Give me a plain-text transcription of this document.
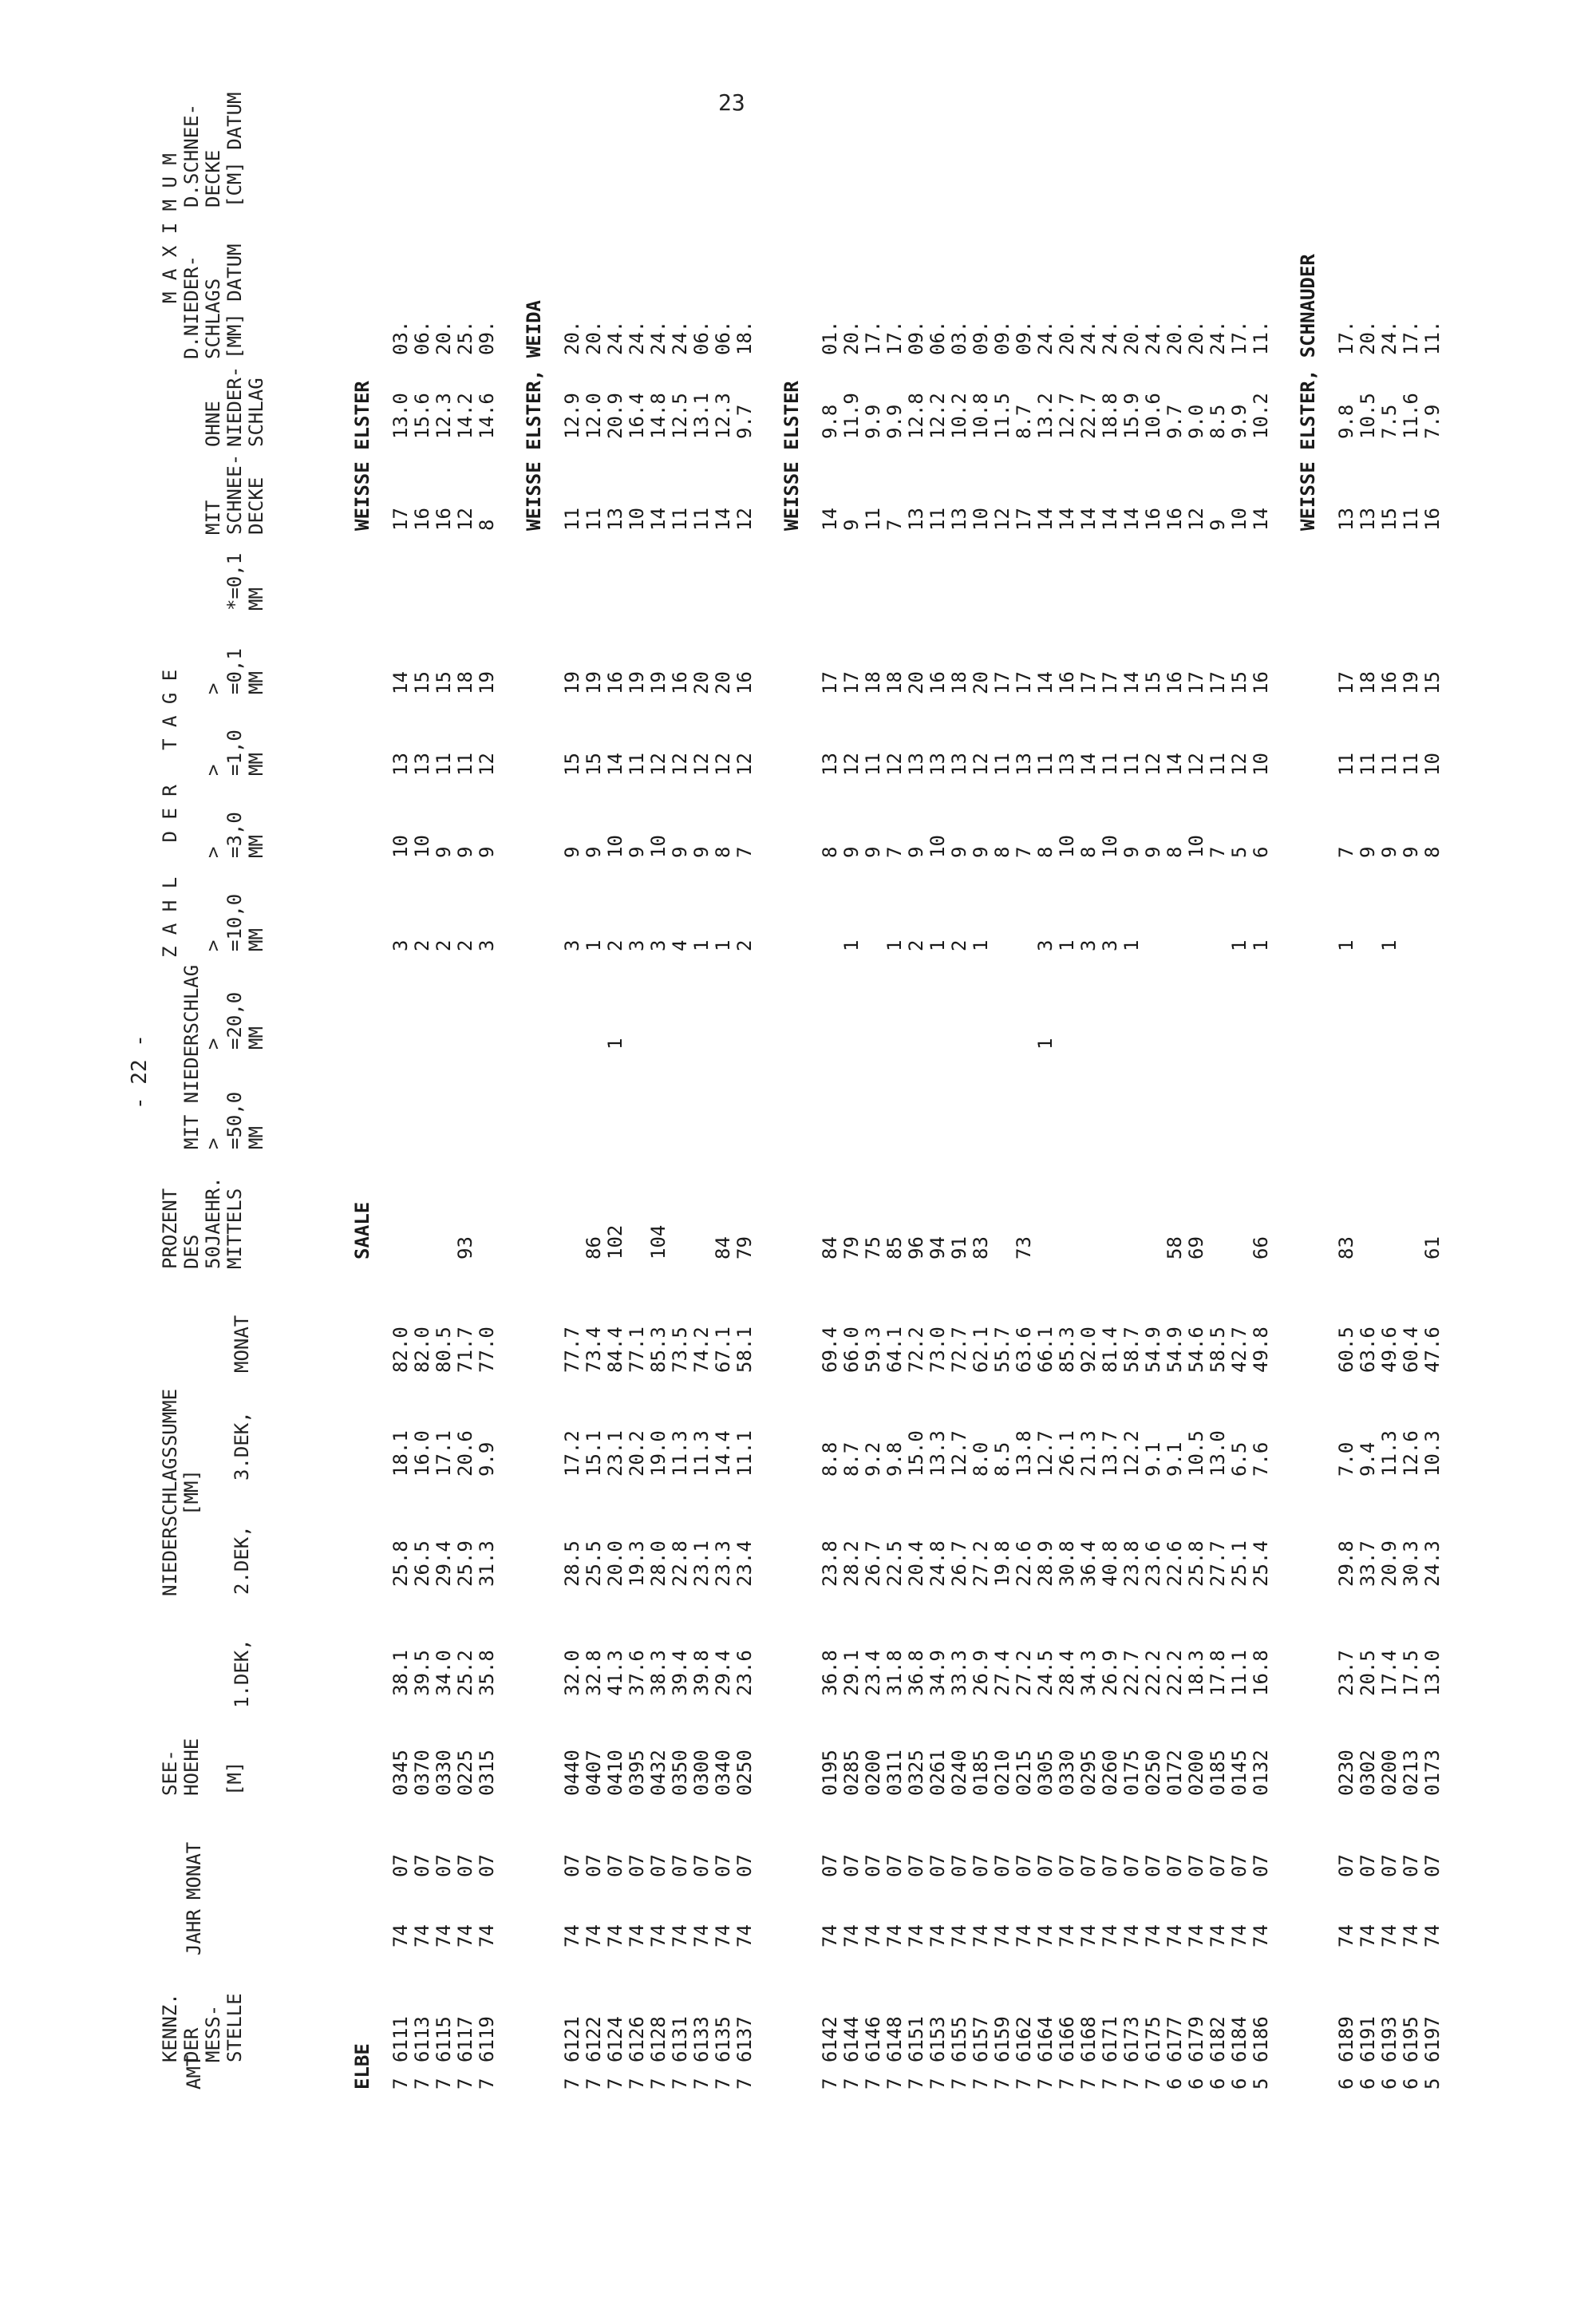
23
- 22 -
AMT
KENNZ.
DER
MESS-
STELLE
JAHR
MONAT
SEE-
HOEHE

[M]
NIEDERSCHLAGSSUMME
[MM]
1.DEK,
2.DEK,
3.DEK,
MONAT
PROZENT
DES
50JAEHR.
MITTELS
Z A H L   D E R   T A G E
MIT NIEDERSCHLAG >
=50,0
MM
>
=20,0
MM
>
=10,0
MM
>
=3,0
MM
>
=1,0
MM
>
=0,1
MM
*=0,1
MM
MIT
SCHNEE-
DECKE
OHNE
NIEDER-
SCHLAG
M A X I M U M
D.NIEDER-
SCHLAGS
[MM] DATUM
D.SCHNEE-
DECKE
[CM] DATUM
ELBE
SAALE
WEISSE ELSTER
7
6111
74
07
0345
38.1
25.8
18.1
82.0
3
10
13
14
17
13.0
03.
7
6113
74
07
0370
39.5
26.5
16.0
82.0
2
10
13
15
16
15.6
06.
7
6115
74
07
0330
34.0
29.4
17.1
80.5
2
9
11
15
16
12.3
20.
7
6117
74
07
0225
25.2
25.9
20.6
71.7
93
2
9
11
18
12
14.2
25.
7
6119
74
07
0315
35.8
31.3
9.9
77.0
3
9
12
19
8
14.6
09. WEISSE ELSTER, WEIDA
7
6121
74
07
0440
32.0
28.5
17.2
77.7
3
9
15
19
11
12.9
20.
7
6122
74
07
0407
32.8
25.5
15.1
73.4
86
1
9
15
19
11
12.0
20.
7
6124
74
07
0410
41.3
20.0
23.1
84.4
102
1
2
10
14
16
13
20.9
24.
7
6126
74
07
0395
37.6
19.3
20.2
77.1
3
9
11
19
10
16.4
24.
7
6128
74
07
0432
38.3
28.0
19.0
85.3
104
3
10
12
19
14
14.8
24.
7
6131
74
07
0350
39.4
22.8
11.3
73.5
4
9
12
16
11
12.5
24.
7
6133
74
07
0300
39.8
23.1
11.3
74.2
1
9
12
20
11
13.1
06.
7
6135
74
07
0340
29.4
23.3
14.4
67.1
84
1
8
12
20
14
12.3
06.
7
6137
74
07
0250
23.6
23.4
11.1
58.1
79
2
7
12
16
12
9.7
18.
WEISSE ELSTER
7
6142
74
07
0195
36.8
23.8
8.8
69.4
84
8
13
17
14
9.8
01.
7
6144
74
07
0285
29.1
28.2
8.7
66.0
79
1
9
12
17
9
11.9
20.
7
6146
74
07
0200
23.4
26.7
9.2
59.3
75
9
11
18
11
9.9
17.
7
6148
74
07
0311
31.8
22.5
9.8
64.1
85
1
7
12
18
7
9.9
17.
7
6151
74
07
0325
36.8
20.4
15.0
72.2
96
2
9
13
20
13
12.8
09.
7
6153
74
07
0261
34.9
24.8
13.3
73.0
94
1
10
13
16
11
12.2
06.
7
6155
74
07
0240
33.3
26.7
12.7
72.7
91
2
9
13
18
13
10.2
03.
7
6157
74
07
0185
26.9
27.2
8.0
62.1
83
1
9
12
20
10
10.8
09.
7
6159
74
07
0210
27.4
19.8
8.5
55.7
8
11
17
12
11.5
09.
7
6162
74
07
0215
27.2
22.6
13.8
63.6
73
7
13
17
17
8.7
09.
7
6164
74
07
0305
24.5
28.9
12.7
66.1
1
3
8
11
14
14
13.2
24.
7
6166
74
07
0330
28.4
30.8
26.1
85.3
1
10
13
16
14
12.7
20.
7
6168
74
07
0295
34.3
36.4
21.3
92.0
3
8
14
17
14
22.7
24.
7
6171
74
07
0260
26.9
40.8
13.7
81.4
3
10
11
17
14
18.8
24.
7
6173
74
07
0175
22.7
23.8
12.2
58.7
1
9
11
14
14
15.9
20.
7
6175
74
07
0250
22.2
23.6
9.1
54.9
9
12
15
16
10.6
24.
6
6177
74
07
0172
22.2
22.6
9.1
54.9
58
8
14
16
16
9.7
20.
6
6179
74
07
0200
18.3
25.8
10.5
54.6
69
10
12
17
12
9.0
20.
6
6182
74
07
0185
17.8
27.7
13.0
58.5
7
11
17
9
8.5
24.
6
6184
74
07
0145
11.1
25.1
6.5
42.7
1
5
12
15
10
9.9
17.
5
6186
74
07
0132
16.8
25.4
7.6
49.8
66
1
6
10
16
14
10.2
11. WEISSE ELSTER, SCHNAUDER
6
6189
74
07
0230
23.7
29.8
7.0
60.5
83
1
7
11
17
13
9.8
17.
6
6191
74
07
0302
20.5
33.7
9.4
63.6
9
11
18
13
10.5
20.
6
6193
74
07
0200
17.4
20.9
11.3
49.6
1
9
11
16
15
7.5
24.
6
6195
74
07
0213
17.5
30.3
12.6
60.4
9
11
19
11
11.6
17.
5
6197
74
07
0173
13.0
24.3
10.3
47.6
61
8
10
15
16
7.9
11.
